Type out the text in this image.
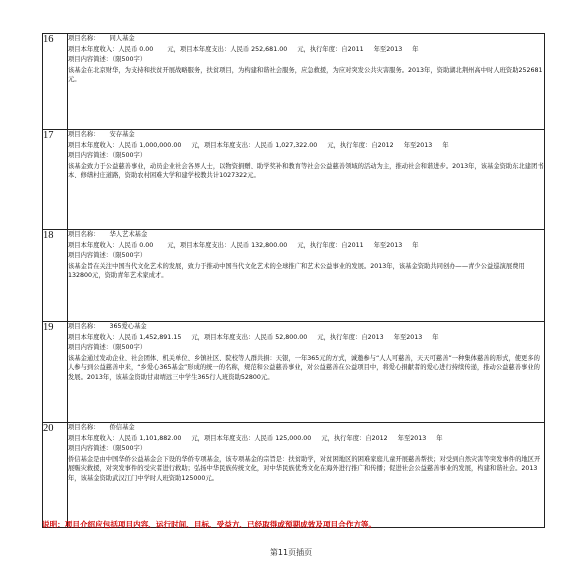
16	项目名称： 同人基金
项目本年度收入：人民币 0.00 元，项目本年度支出：人民币 252,681.00 元，执行年度：自2011 年至2013 年
项目内容简述：（限500字）
该基金在北京财华，为支持和扶贫开展战略服务，扶贫项目，为构建和谐社会服务，应急救援，为应对突发公共灾害服务。2013年，资助湖北荆州高中时人班资助252681元。

17	项目名称： 安存基金
项目本年度收入：人民币 1,000,000.00 元，项目本年度支出：人民币 1,027,322.00 元，执行年度：自2012 年至2013 年
项目内容简述：（限500字）
该基金致力于公益慈善事业，动员企业社会各界人士，以物资捐赠、助学奖补和教育等社会公益慈善领域的活动为主，推动社会和谐进步。2013年，该基金资助东北建团书本、修缮村庄道路，资助农村困难大学和建学校教共计1027322元。

18	项目名称： 华人艺术基金
项目本年度收入：人民币 0.00 元，项目本年度支出：人民币 132,800.00 元，执行年度：自2011 年至2013 年
项目内容简述：（限500字）
该基金旨在关注中国当代文化艺术的发展，致力于推动中国当代文化艺术的全球推广和艺术公益事业的发展。2013年，该基金资助共同创办——青少公益巡演展费用132800元，资助青年艺术家成才。

19	项目名称： 365爱心基金
项目本年度收入：人民币 1,452,891.15 元，项目本年度支出：人民币 52,800.00 元，执行年度：自2013 年至2013 年
项目内容简述：（限500字）
该基金通过发动企业、社会团体、机关单位、乡镇社区、院校等人群共捐：天银，一年365元的方式，诚邀参与“人人可慈善，天天可慈善”一种集体慈善的形式，使更多的人参与到公益慈善中来，“乡爱心365基金”形成的统一的名称，规范和公益慈善事业，对公益慈善在公益项目中，将爱心捐献者的爱心进行持续传递，推动公益慈善事业的发展。2013年，该基金资助甘肃靖远三中学生365行人班资助52800元。

20	项目名称： 侨信基金
项目本年度收入：人民币 1,101,882.00 元，项目本年度支出：人民币 125,000.00 元，执行年度：自2012 年至2013 年
项目内容简述：（限500字）
侨信基金是由中国华侨公益基金会下设的华侨专项基金，该专项基金的宗旨是：扶贫助学，对贫困地区的困难家庭儿童开展慈善帮扶；对受到自然灾害等突发事件的地区开展赈灾救援，对突发事件的受灾者进行救助；弘扬中华民族传统文化，对中华民族优秀文化在海外进行推广和传播；促进社会公益慈善事业的发展，构建和谐社会。2013年，该基金资助武汉江门中学时人班资助125000元。
说明：项目介绍应包括项目内容、运行时间、目标、受益方、已经取得或预期成效及项目合作方等。
第11页插页
